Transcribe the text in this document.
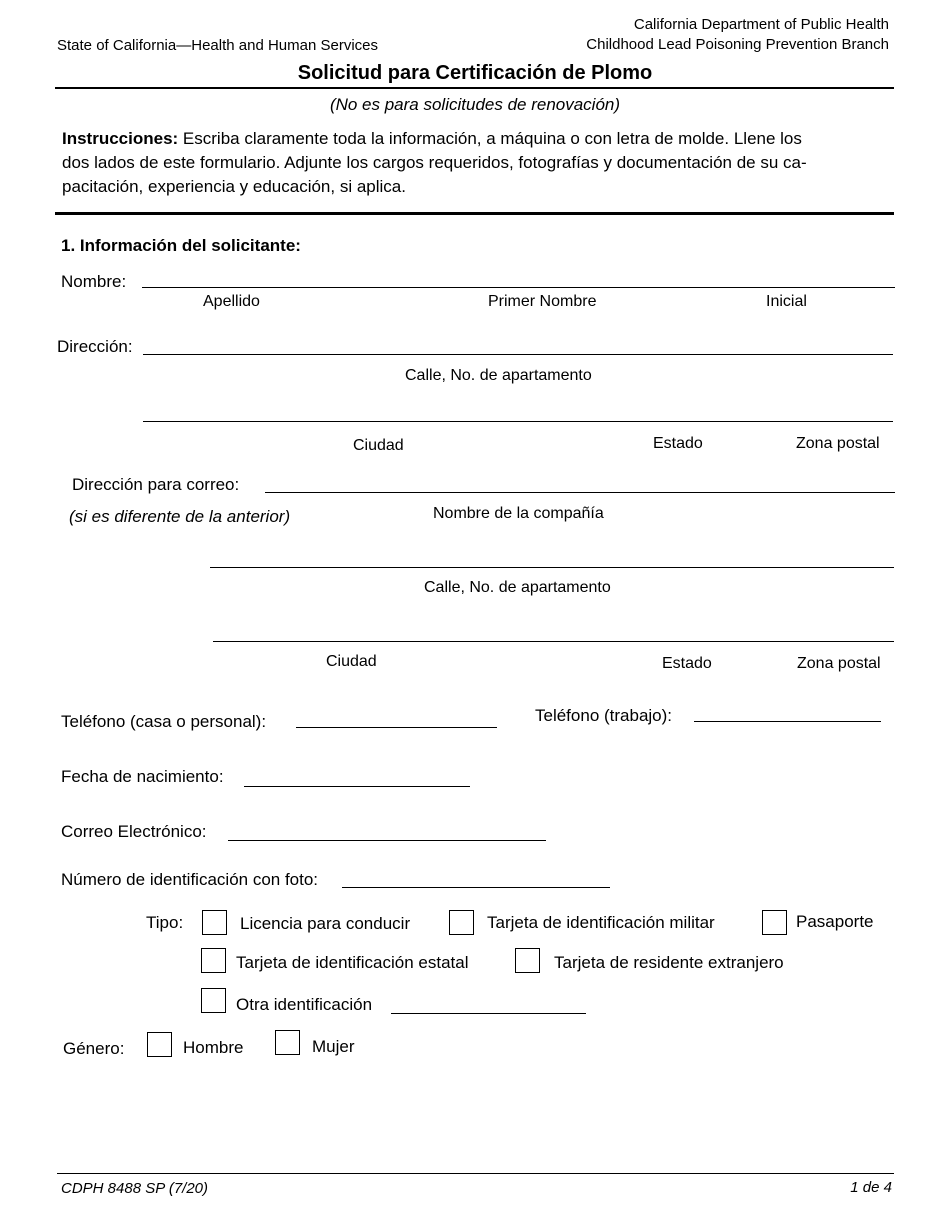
State of California—Health and Human Services
California Department of Public Health
Childhood Lead Poisoning Prevention Branch
Solicitud para Certificación de Plomo
(No es para solicitudes de renovación)
Instrucciones: Escriba claramente toda la información, a máquina o con letra de molde. Llene los
dos lados de este formulario. Adjunte los cargos requeridos, fotografías y documentación de su ca-
pacitación, experiencia y educación, si aplica.
1. Información del solicitante:
Nombre:
Apellido	Primer Nombre	Inicial
Dirección:
Calle, No. de apartamento
Ciudad	Estado	Zona postal
Dirección para correo:
(si es diferente de la anterior)	Nombre de la compañía
Calle, No. de apartamento
Ciudad	Estado	Zona postal
Teléfono (casa o personal):	Teléfono (trabajo):
Fecha de nacimiento:
Correo Electrónico:
Número de identificación con foto:
Tipo:	Licencia para conducir	Tarjeta de identificación militar	Pasaporte
Tarjeta de identificación estatal	Tarjeta de residente extranjero
Otra identificación
Género:	Hombre	Mujer
CDPH 8488 SP (7/20)	1 de 4
